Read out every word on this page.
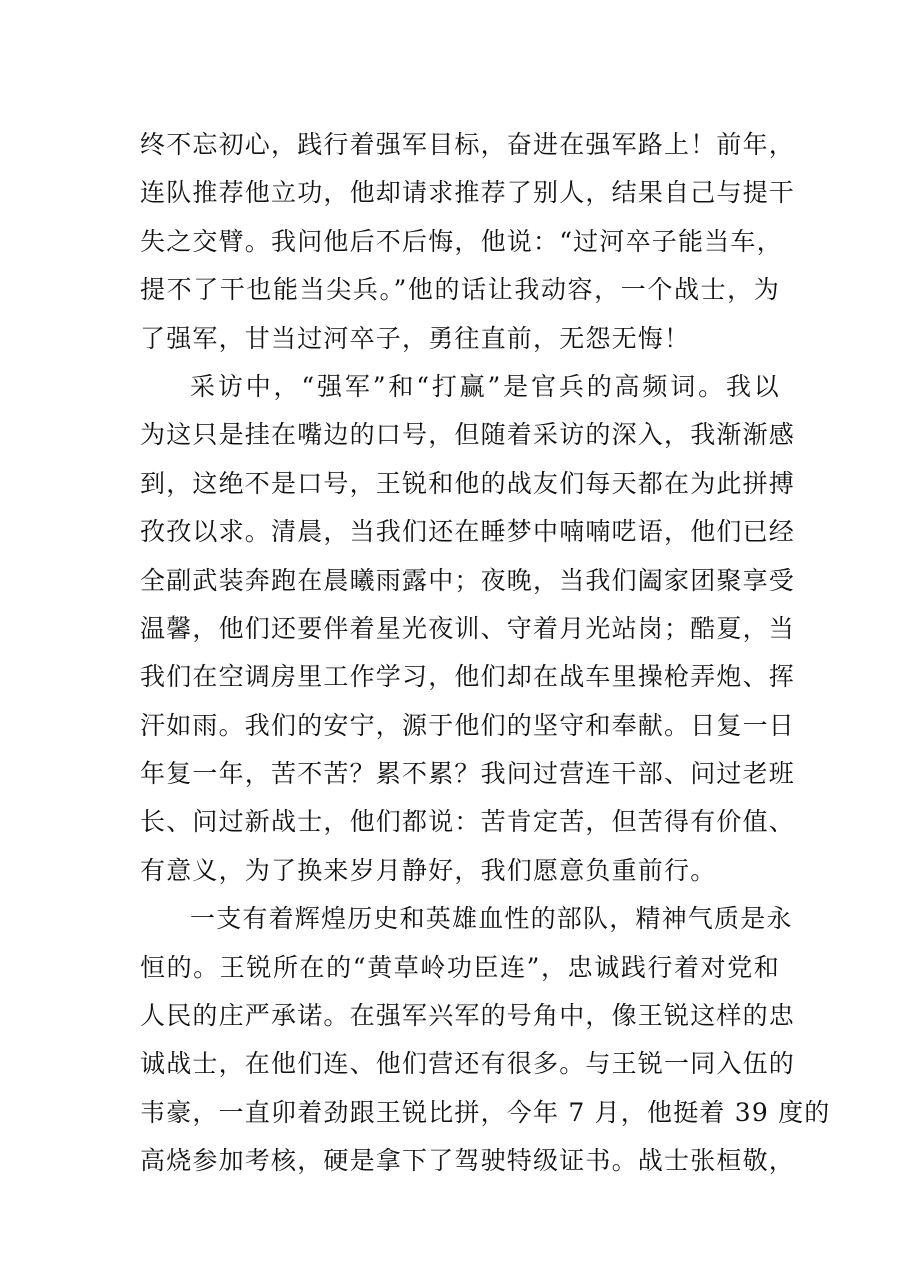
终不忘初心，践行着强军目标，奋进在强军路上！前年，
连队推荐他立功，他却请求推荐了别人，结果自己与提干
失之交臂。我问他后不后悔，他说：“过河卒子能当车，
提不了干也能当尖兵。”他的话让我动容，一个战士，为
了强军，甘当过河卒子，勇往直前，无怨无悔！
采访中，“强军”和“打赢”是官兵的高频词。我以
为这只是挂在嘴边的口号，但随着采访的深入，我渐渐感
到，这绝不是口号，王锐和他的战友们每天都在为此拼搏
孜孜以求。清晨，当我们还在睡梦中喃喃呓语，他们已经
全副武装奔跑在晨曦雨露中；夜晚，当我们阖家团聚享受
温馨，他们还要伴着星光夜训、守着月光站岗；酷夏，当
我们在空调房里工作学习，他们却在战车里操枪弄炮、挥
汗如雨。我们的安宁，源于他们的坚守和奉献。日复一日
年复一年，苦不苦？累不累？我问过营连干部、问过老班
长、问过新战士，他们都说：苦肯定苦，但苦得有价值、
有意义，为了换来岁月静好，我们愿意负重前行。
一支有着辉煌历史和英雄血性的部队，精神气质是永
恒的。王锐所在的“黄草岭功臣连”，忠诚践行着对党和
人民的庄严承诺。在强军兴军的号角中，像王锐这样的忠
诚战士，在他们连、他们营还有很多。与王锐一同入伍的
韦豪，一直卯着劲跟王锐比拼，今年 7 月，他挺着 39 度的
高烧参加考核，硬是拿下了驾驶特级证书。战士张桓敬，
